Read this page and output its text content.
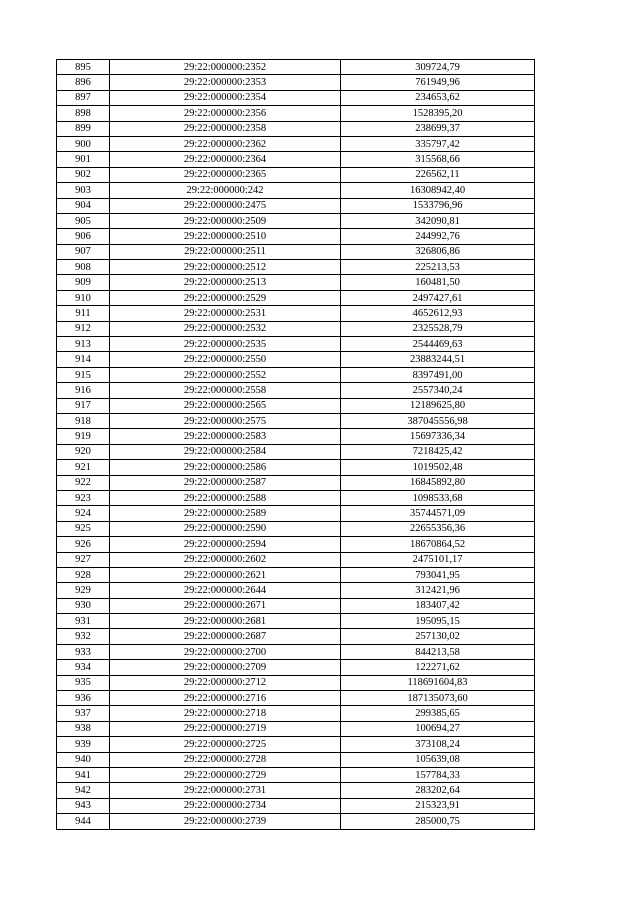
895	29:22:000000:2352	309724,79
896	29:22:000000:2353	761949,96
897	29:22:000000:2354	234653,62
898	29:22:000000:2356	1528395,20
899	29:22:000000:2358	238699,37
900	29:22:000000:2362	335797,42
901	29:22:000000:2364	315568,66
902	29:22:000000:2365	226562,11
903	29:22:000000:242	16308942,40
904	29:22:000000:2475	1533796,96
905	29:22:000000:2509	342090,81
906	29:22:000000:2510	244992,76
907	29:22:000000:2511	326806,86
908	29:22:000000:2512	225213,53
909	29:22:000000:2513	160481,50
910	29:22:000000:2529	2497427,61
911	29:22:000000:2531	4652612,93
912	29:22:000000:2532	2325528,79
913	29:22:000000:2535	2544469,63
914	29:22:000000:2550	23883244,51
915	29:22:000000:2552	8397491,00
916	29:22:000000:2558	2557340,24
917	29:22:000000:2565	12189625,80
918	29:22:000000:2575	387045556,98
919	29:22:000000:2583	15697336,34
920	29:22:000000:2584	7218425,42
921	29:22:000000:2586	1019502,48
922	29:22:000000:2587	16845892,80
923	29:22:000000:2588	1098533,68
924	29:22:000000:2589	35744571,09
925	29:22:000000:2590	22655356,36
926	29:22:000000:2594	18670864,52
927	29:22:000000:2602	2475101,17
928	29:22:000000:2621	793041,95
929	29:22:000000:2644	312421,96
930	29:22:000000:2671	183407,42
931	29:22:000000:2681	195095,15
932	29:22:000000:2687	257130,02
933	29:22:000000:2700	844213,58
934	29:22:000000:2709	122271,62
935	29:22:000000:2712	118691604,83
936	29:22:000000:2716	187135073,60
937	29:22:000000:2718	299385,65
938	29:22:000000:2719	100694,27
939	29:22:000000:2725	373108,24
940	29:22:000000:2728	105639,08
941	29:22:000000:2729	157784,33
942	29:22:000000:2731	283202,64
943	29:22:000000:2734	215323,91
944	29:22:000000:2739	285000,75
